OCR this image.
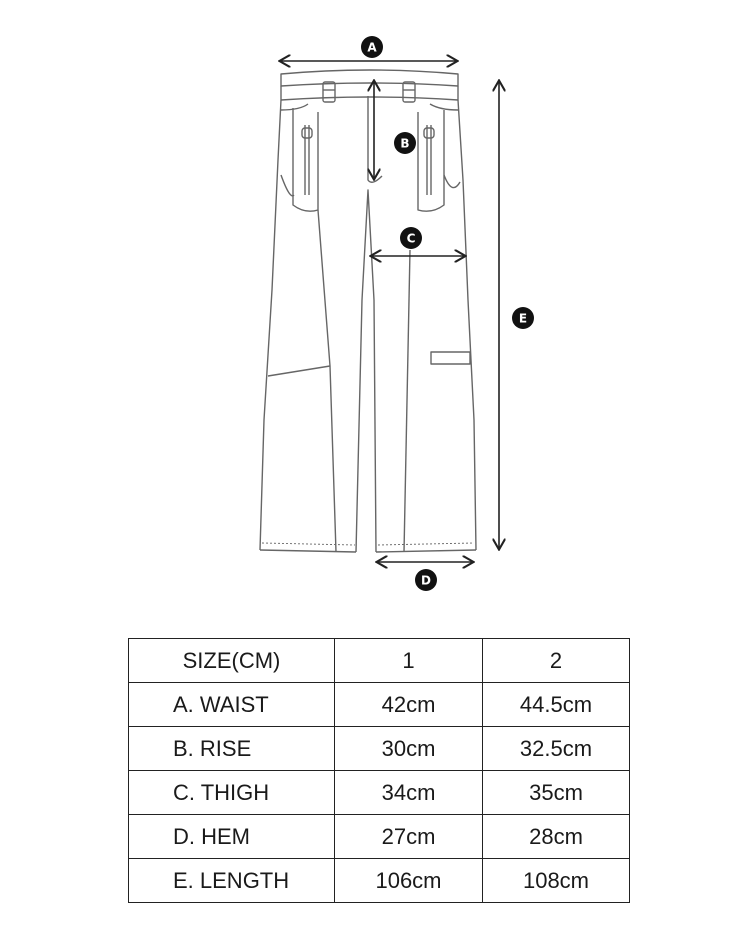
A
B
C
D
E
SIZE(CM)	1	2
A. WAIST	42cm	44.5cm
B. RISE	30cm	32.5cm
C. THIGH	34cm	35cm
D. HEM	27cm	28cm
E. LENGTH	106cm	108cm
